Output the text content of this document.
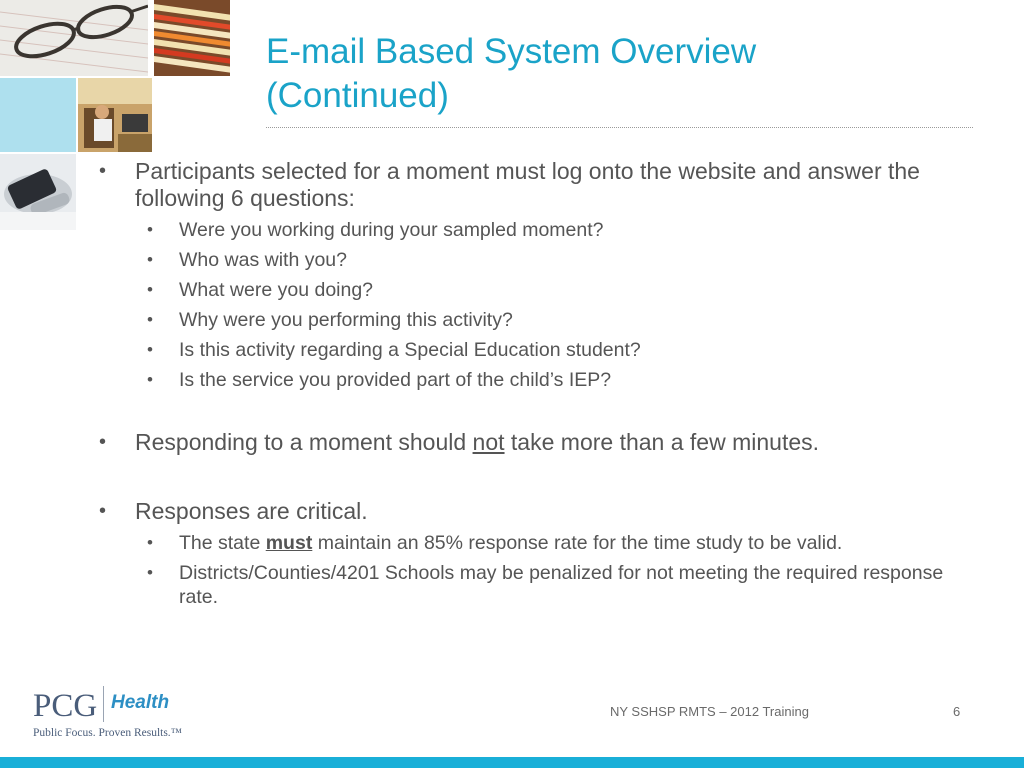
E-mail Based System Overview
(Continued)
• Participants selected for a moment must log onto the website and answer the following 6 questions:
• Were you working during your sampled moment?
• Who was with you?
• What were you doing?
• Why were you performing this activity?
• Is this activity regarding a Special Education student?
• Is the service you provided part of the child’s IEP?
• Responding to a moment should not take more than a few minutes.
• Responses are critical.
• The state must maintain an 85% response rate for the time study to be valid.
• Districts/Counties/4201 Schools may be penalized for not meeting the required response rate.
PCG Health
Public Focus. Proven Results.™
NY SSHSP RMTS – 2012 Training	6
